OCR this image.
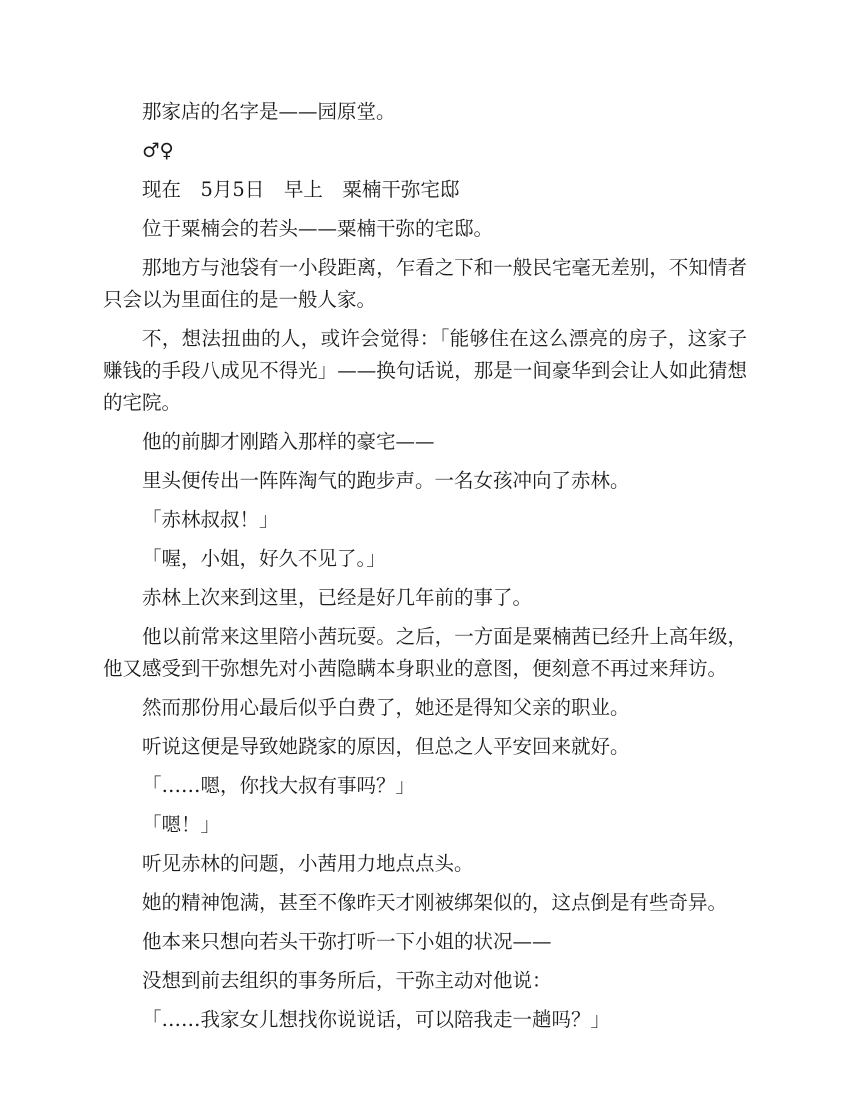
那家店的名字是——园原堂。

♂♀

现在　5月5日　早上　粟楠干弥宅邸

位于粟楠会的若头——粟楠干弥的宅邸。

那地方与池袋有一小段距离，乍看之下和一般民宅毫无差别，不知情者只会以为里面住的是一般人家。

不，想法扭曲的人，或许会觉得：「能够住在这么漂亮的房子，这家子赚钱的手段八成见不得光」——换句话说，那是一间豪华到会让人如此猜想的宅院。

他的前脚才刚踏入那样的豪宅——

里头便传出一阵阵淘气的跑步声。一名女孩冲向了赤林。

「赤林叔叔！」

「喔，小姐，好久不见了。」

赤林上次来到这里，已经是好几年前的事了。

他以前常来这里陪小茜玩耍。之后，一方面是粟楠茜已经升上高年级，他又感受到干弥想先对小茜隐瞒本身职业的意图，便刻意不再过来拜访。

然而那份用心最后似乎白费了，她还是得知父亲的职业。

听说这便是导致她跷家的原因，但总之人平安回来就好。

「……嗯，你找大叔有事吗？」

「嗯！」

听见赤林的问题，小茜用力地点点头。

她的精神饱满，甚至不像昨天才刚被绑架似的，这点倒是有些奇异。

他本来只想向若头干弥打听一下小姐的状况——

没想到前去组织的事务所后，干弥主动对他说：

「……我家女儿想找你说说话，可以陪我走一趟吗？」
